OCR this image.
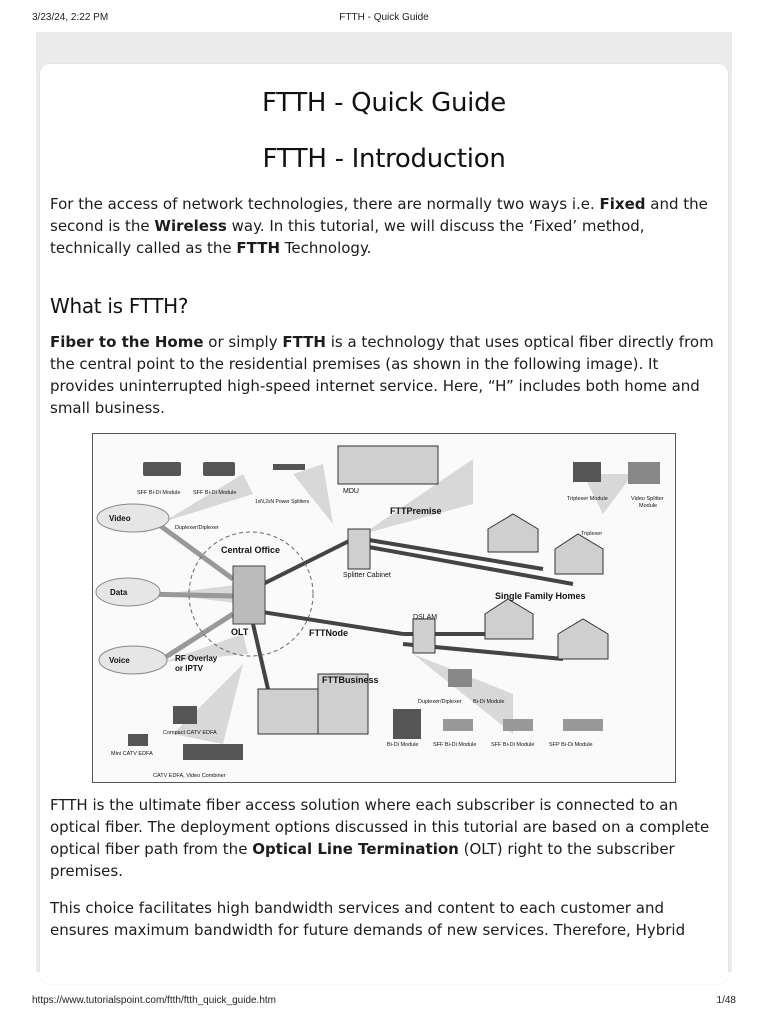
3/23/24, 2:22 PM	FTTH - Quick Guide
FTTH - Quick Guide
FTTH - Introduction

For the access of network technologies, there are normally two ways i.e. Fixed and the second is the Wireless way. In this tutorial, we will discuss the ‘Fixed’ method, technically called as the FTTH Technology.

What is FTTH?

Fiber to the Home or simply FTTH is a technology that uses optical fiber directly from the central point to the residential premises (as shown in the following image). It provides uninterrupted high-speed internet service. Here, “H” includes both home and small business.

Video
Data
Voice
Central Office
OLT
RF Overlay
or IPTV
MDU
FTTPremise
Splitter Cabinet
Single Family Homes
DSLAM
FTTNode
FTTBusiness
SFF Bi-Di Module SFF Bi-Di Module
1xN,2xN Power Splitters
Duplexer/Diplexer
Triplexer Module	Video Splitter
Module
Triplexer
Duplexer/Diplexer Bi-Di Module
Bi-Di Module	SFF Bi-Di Module	SFF Bi-Di Module	SFP Bi-Di Module
Compact CATV EDFA
Mini CATV EDFA
CATV EDFA, Video Combiner

FTTH is the ultimate fiber access solution where each subscriber is connected to an optical fiber. The deployment options discussed in this tutorial are based on a complete optical fiber path from the Optical Line Termination (OLT) right to the subscriber premises.

This choice facilitates high bandwidth services and content to each customer and ensures maximum bandwidth for future demands of new services. Therefore, Hybrid

https://www.tutorialspoint.com/ftth/ftth_quick_guide.htm	1/48
